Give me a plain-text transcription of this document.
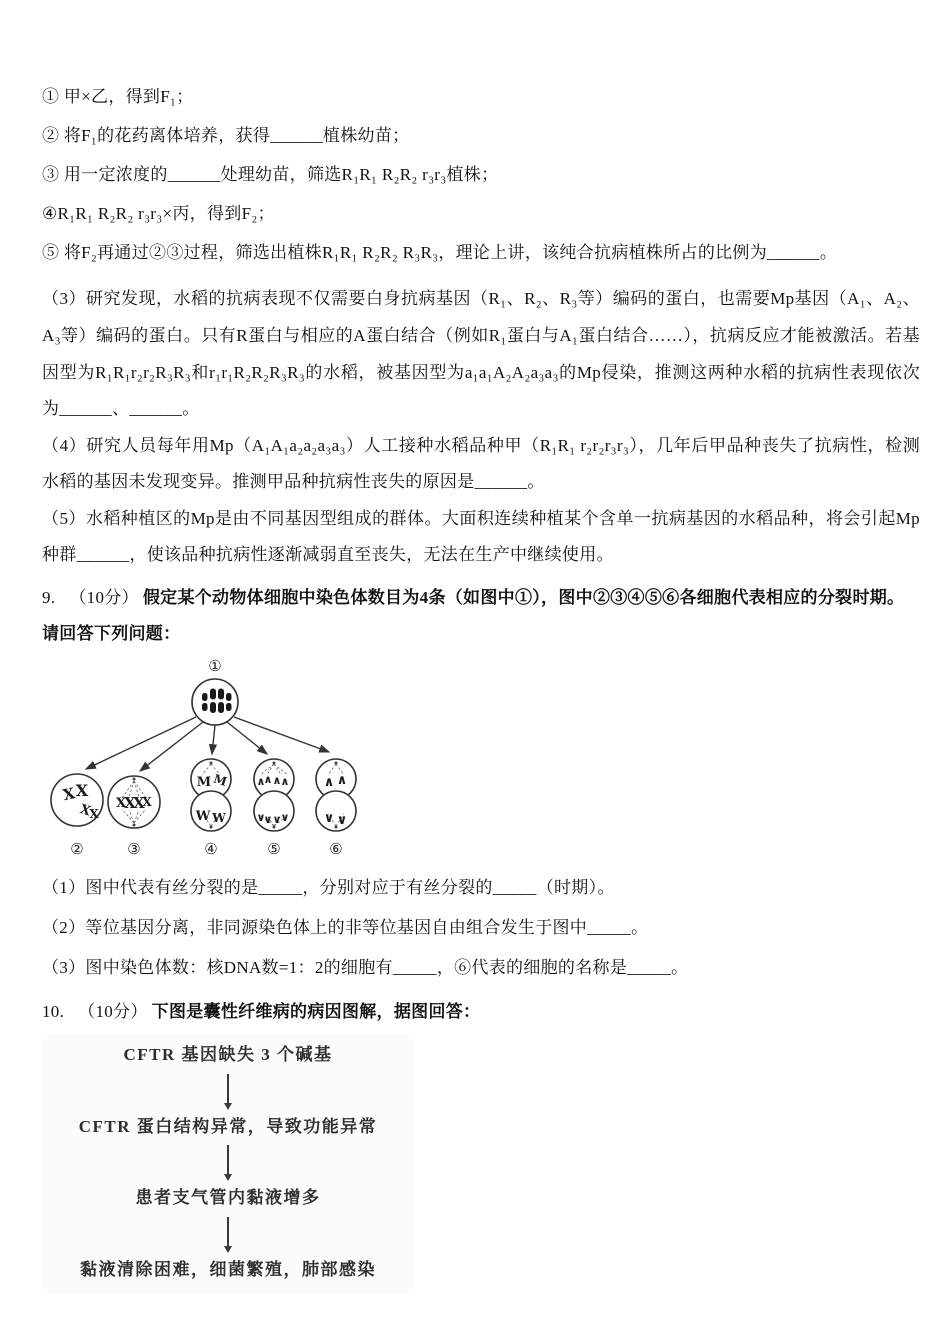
① 甲×乙，得到F₁；
② 将F₁的花药离体培养，获得______植株幼苗；
③ 用一定浓度的______处理幼苗，筛选R₁R₁ R₂R₂ r₃r₃植株；
④R₁R₁ R₂R₂ r₃r₃×丙，得到F₂；
⑤ 将F₂再通过②③过程，筛选出植株R₁R₁ R₂R₂ R₃R₃，理论上讲，该纯合抗病植株所占的比例为______。

（3）研究发现，水稻的抗病表现不仅需要白身抗病基因（R₁、R₂、R₃等）编码的蛋白，也需要Mp基因（A₁、A₂、A₃等）编码的蛋白。只有R蛋白与相应的A蛋白结合（例如R₁蛋白与A₁蛋白结合……），抗病反应才能被激活。若基因型为R₁R₁r₂r₂R₃R₃和r₁r₁R₂R₂R₃R₃的水稻，被基因型为a₁a₁A₂A₂a₃a₃的Mp侵染，推测这两种水稻的抗病性表现依次为______、______。

（4）研究人员每年用Mp（A₁A₁a₂a₂a₃a₃）人工接种水稻品种甲（R₁R₁ r₂r₂r₃r₃），几年后甲品种丧失了抗病性，检测水稻的基因未发现变异。推测甲品种抗病性丧失的原因是______。

（5）水稻种植区的Mp是由不同基因型组成的群体。大面积连续种植某个含单一抗病基因的水稻品种，将会引起Mp种群______，使该品种抗病性逐渐减弱直至丧失，无法在生产中继续使用。

9. （10分） 假定某个动物体细胞中染色体数目为4条（如图中①），图中②③④⑤⑥各细胞代表相应的分裂时期。请回答下列问题：

X X
X
X
X
X
X
X
M M
W W
∧
∧ ∧ ∧
∨
∨ ∨ ∨
∧ ∧
∨ ∨
①
②	③	④	⑤	⑥

（1）图中代表有丝分裂的是_____，分别对应于有丝分裂的_____（时期）。

（2）等位基因分离，非同源染色体上的非等位基因自由组合发生于图中_____。

（3）图中染色体数：核DNA数=1：2的细胞有_____，⑥代表的细胞的名称是_____。

10. （10分） 下图是囊性纤维病的病因图解，据图回答：

CFTR 基因缺失 3 个碱基
CFTR 蛋白结构异常，导致功能异常
患者支气管内黏液增多
黏液清除困难，细菌繁殖，肺部感染
